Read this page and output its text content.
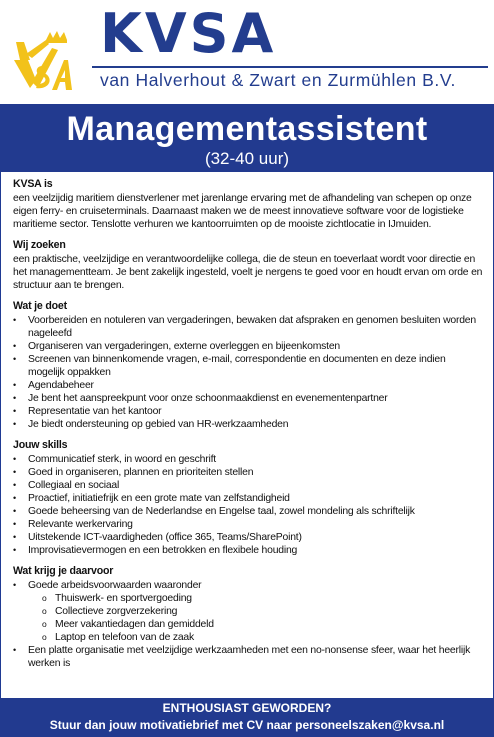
KVSA
van Halverhout & Zwart en Zurmühlen B.V.
Managementassistent
(32-40 uur)
KVSA is
een veelzijdig maritiem dienstverlener met jarenlange ervaring met de afhandeling van schepen op onze eigen ferry- en cruiseterminals. Daarnaast maken we de meest innovatieve software voor de logistieke maritieme sector. Tenslotte verhuren we kantoorruimten op de mooiste zichtlocatie in IJmuiden.
Wij zoeken
een praktische, veelzijdige en verantwoordelijke collega, die de steun en toeverlaat wordt voor directie en het managementteam. Je bent zakelijk ingesteld, voelt je nergens te goed voor en houdt ervan om orde en structuur aan te brengen.
Wat je doet
• Voorbereiden en notuleren van vergaderingen, bewaken dat afspraken en genomen besluiten worden nageleefd
• Organiseren van vergaderingen, externe overleggen en bijeenkomsten
• Screenen van binnenkomende vragen, e-mail, correspondentie en documenten en deze indien mogelijk oppakken
• Agendabeheer
• Je bent het aanspreekpunt voor onze schoonmaakdienst en evenementenpartner
• Representatie van het kantoor
• Je biedt ondersteuning op gebied van HR-werkzaamheden
Jouw skills
• Communicatief sterk, in woord en geschrift
• Goed in organiseren, plannen en prioriteiten stellen
• Collegiaal en sociaal
• Proactief, initiatiefrijk en een grote mate van zelfstandigheid
• Goede beheersing van de Nederlandse en Engelse taal, zowel mondeling als schriftelijk
• Relevante werkervaring
• Uitstekende ICT-vaardigheden (office 365, Teams/SharePoint)
• Improvisatievermogen en een betrokken en flexibele houding
Wat krijg je daarvoor
• Goede arbeidsvoorwaarden waaronder
o Thuiswerk- en sportvergoeding
o Collectieve zorgverzekering
o Meer vakantiedagen dan gemiddeld
o Laptop en telefoon van de zaak
• Een platte organisatie met veelzijdige werkzaamheden met een no-nonsense sfeer, waar het heerlijk werken is
ENTHOUSIAST GEWORDEN?
Stuur dan jouw motivatiebrief met CV naar personeelszaken@kvsa.nl
